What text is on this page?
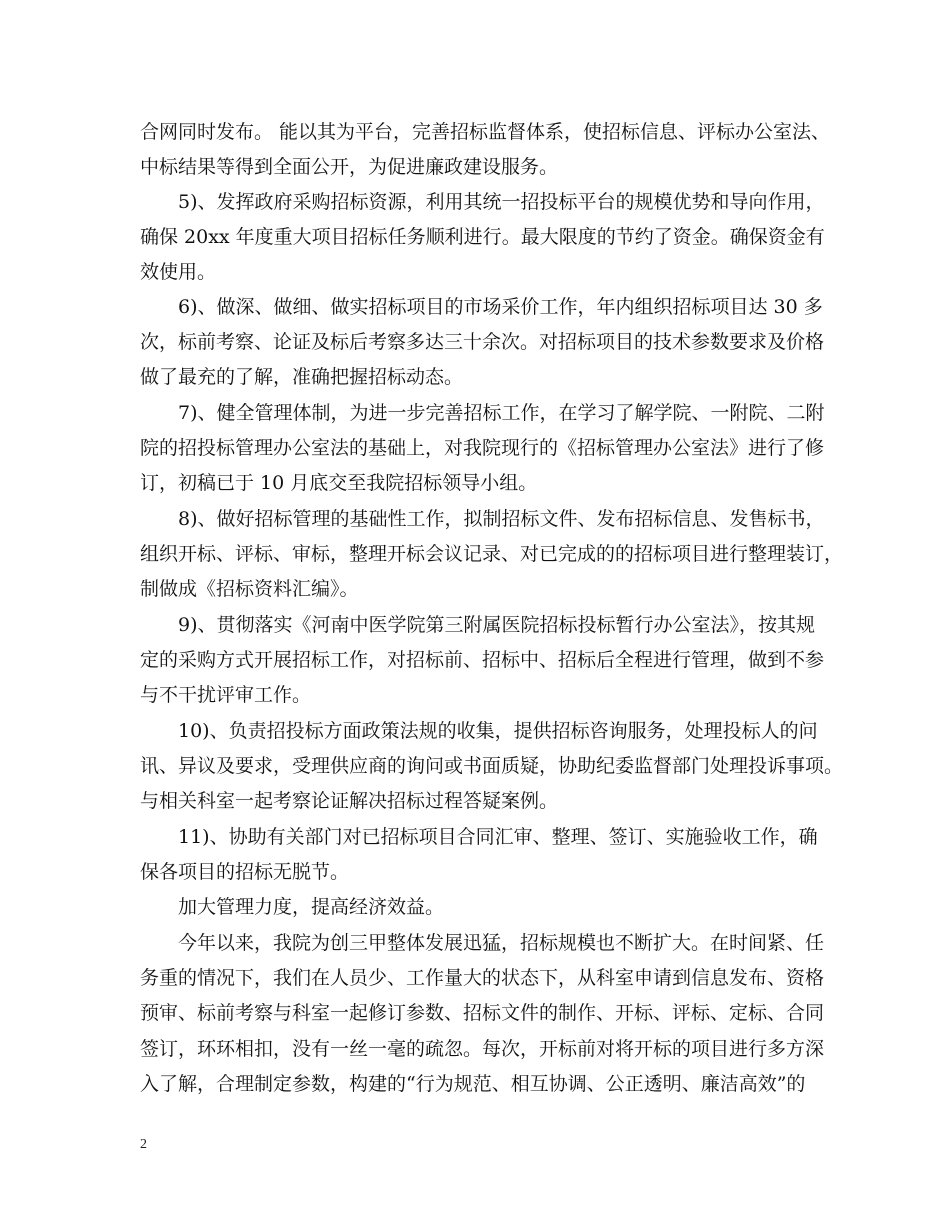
合网同时发布。 能以其为平台，完善招标监督体系，使招标信息、评标办公室法、
中标结果等得到全面公开，为促进廉政建设服务。
5)、发挥政府采购招标资源，利用其统一招投标平台的规模优势和导向作用，
确保 20xx 年度重大项目招标任务顺利进行。最大限度的节约了资金。确保资金有
效使用。
6)、做深、做细、做实招标项目的市场采价工作，年内组织招标项目达 30 多
次，标前考察、论证及标后考察多达三十余次。对招标项目的技术参数要求及价格
做了最充的了解，准确把握招标动态。
7)、健全管理体制，为进一步完善招标工作，在学习了解学院、一附院、二附
院的招投标管理办公室法的基础上，对我院现行的《招标管理办公室法》进行了修
订，初稿已于 10 月底交至我院招标领导小组。
8)、做好招标管理的基础性工作，拟制招标文件、发布招标信息、发售标书，
组织开标、评标、审标，整理开标会议记录、对已完成的的招标项目进行整理装订，
制做成《招标资料汇编》。
9)、贯彻落实《河南中医学院第三附属医院招标投标暂行办公室法》，按其规
定的采购方式开展招标工作，对招标前、招标中、招标后全程进行管理，做到不参
与不干扰评审工作。
10)、负责招投标方面政策法规的收集，提供招标咨询服务，处理投标人的问
讯、异议及要求，受理供应商的询问或书面质疑，协助纪委监督部门处理投诉事项。
与相关科室一起考察论证解决招标过程答疑案例。
11)、协助有关部门对已招标项目合同汇审、整理、签订、实施验收工作，确
保各项目的招标无脱节。
加大管理力度，提高经济效益。
今年以来，我院为创三甲整体发展迅猛，招标规模也不断扩大。在时间紧、任
务重的情况下，我们在人员少、工作量大的状态下，从科室申请到信息发布、资格
预审、标前考察与科室一起修订参数、招标文件的制作、开标、评标、定标、合同
签订，环环相扣，没有一丝一毫的疏忽。每次，开标前对将开标的项目进行多方深
入了解，合理制定参数，构建的“行为规范、相互协调、公正透明、廉洁高效”的
2
